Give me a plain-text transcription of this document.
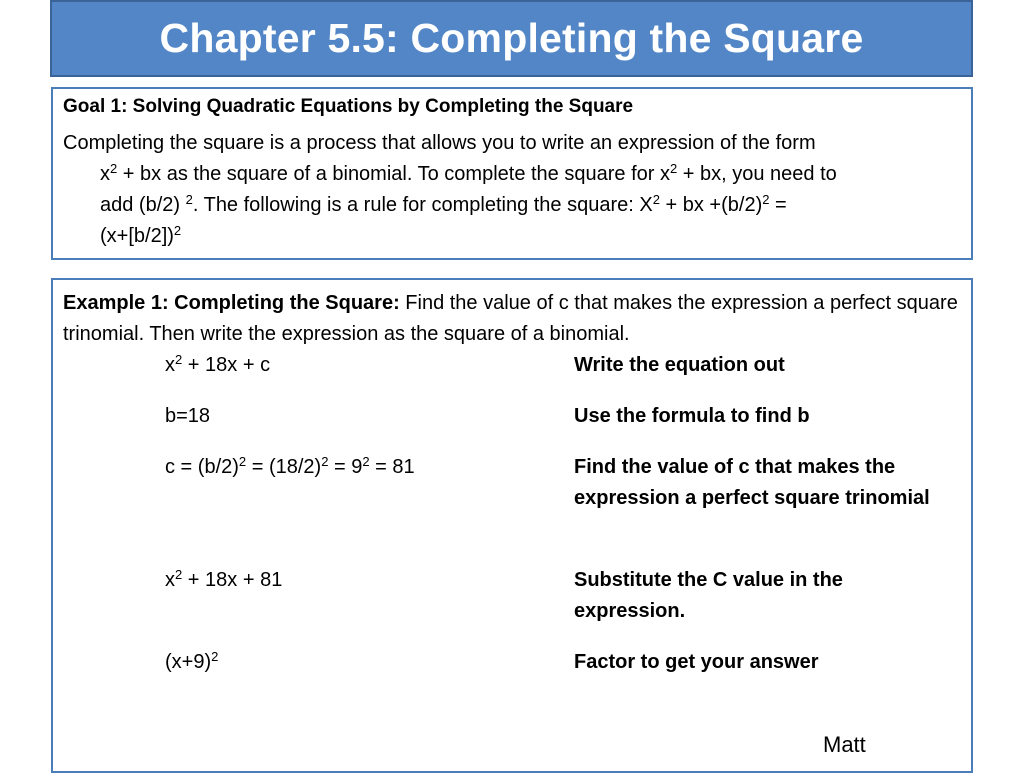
Chapter 5.5: Completing the Square
Goal 1: Solving Quadratic Equations by Completing the Square
Completing the square is a process that allows you to write an expression of the form
$x^2$ + bx as the square of a binomial. To complete the square for $x^2$ + bx, you need to
add (b/2) $^2$. The following is a rule for completing the square: $X^2$ + bx $+(b/2)^2$ =
$(x+[b/2])^2$
Example 1: Completing the Square: Find the value of c that makes the expression a perfect square trinomial. Then write the expression as the square of a binomial.
$x^2 + 18x + c$	Write the equation out
b=18	Use the formula to find b
$c = (b/2)^2 = (18/2)^2 = 9^2 = 81$	Find the value of c that makes the expression a perfect square trinomial
$x^2 + 18x + 81$	Substitute the C value in the expression.
$(x+9)^2$	Factor to get your answer
Matt
